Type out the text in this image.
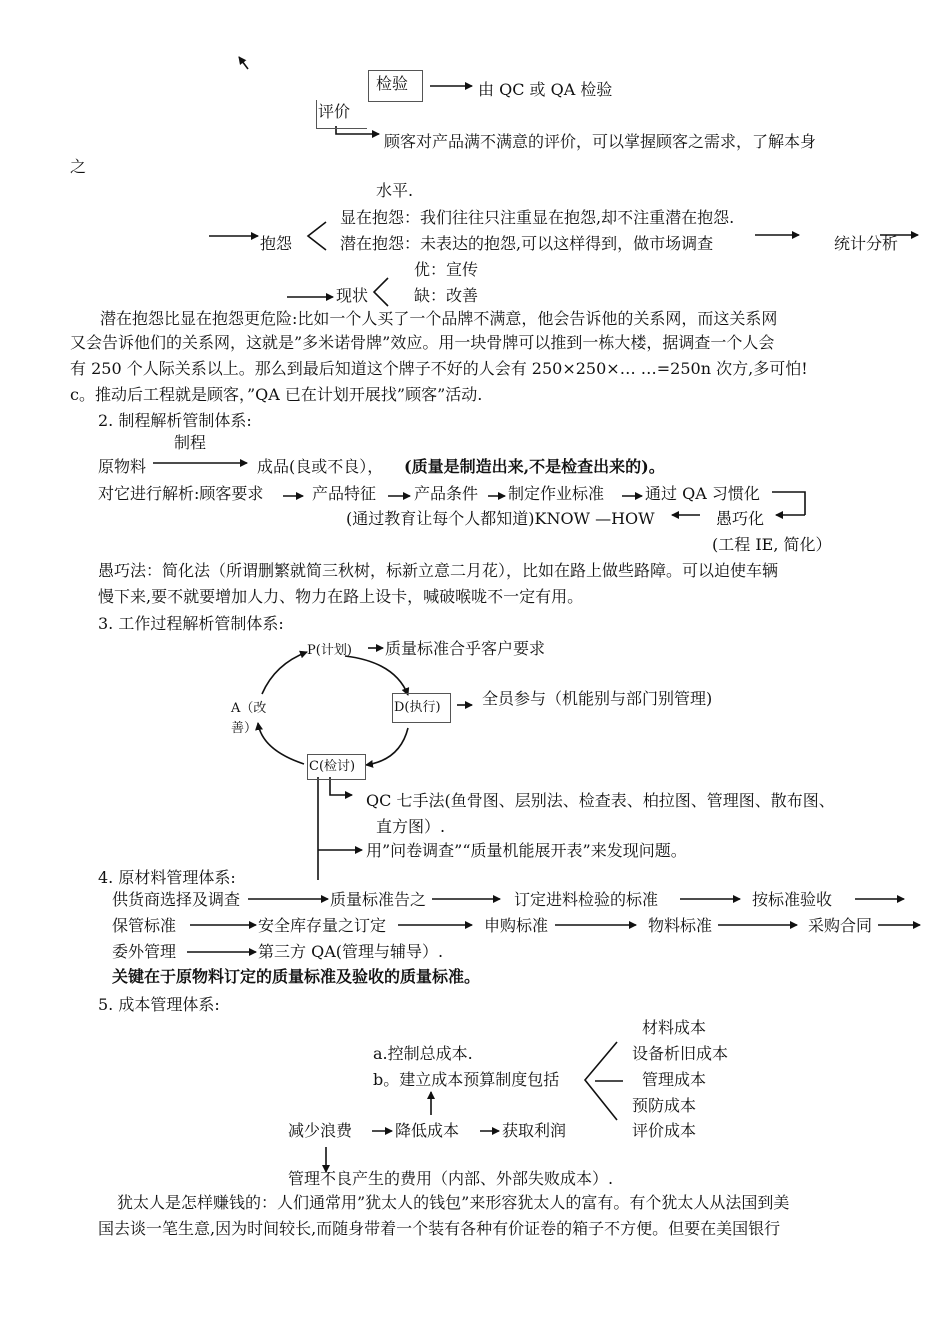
检验	由 QC 或 QA 检验
评价
顾客对产品满不满意的评价，可以掌握顾客之需求，了解本身
之
水平.
显在抱怨：我们往往只注重显在抱怨,却不注重潜在抱怨.
抱怨	潜在抱怨：未表达的抱怨,可以这样得到，做市场调查	统计分析
优：宣传
现状	缺：改善
潜在抱怨比显在抱怨更危险:比如一个人买了一个品牌不满意，他会告诉他的关系网，而这关系网
又会告诉他们的关系网，这就是”多米诺骨牌”效应。用一块骨牌可以推到一栋大楼，据调查一个人会
有 250 个人际关系以上。那么到最后知道这个牌子不好的人会有 250×250×… …=250n 次方,多可怕!
c。推动后工程就是顾客，”QA 已在计划开展找”顾客”活动.
2. 制程解析管制体系:
制程
原物料	成品(良或不良）， (质量是制造出来,不是检查出来的)。
对它进行解析:顾客要求	产品特征 产品条件 制定作业标准	通过 QA 习惯化
(通过教育让每个人都知道)KNOW —HOW	愚巧化
(工程 IE, 简化）
愚巧法：简化法（所谓删繁就简三秋树，标新立意二月花），比如在路上做些路障。可以迫使车辆
慢下来,要不就要增加人力、物力在路上设卡，喊破喉咙不一定有用。
3. 工作过程解析管制体系:
P(计划) 质量标准合乎客户要求
D(执行)	全员参与（机能别与部门别管理)
A（改
善）
C(检讨)
QC 七手法(鱼骨图、层别法、检查表、柏拉图、管理图、散布图、
直方图）.
用”问卷调查”“质量机能展开表”来发现问题。
4. 原材料管理体系:
供货商选择及调查	质量标准告之	订定进料检验的标准	按标准验收
保管标准	安全库存量之订定	申购标准	物料标准	采购合同
委外管理	第三方 QA(管理与辅导）.
关键在于原物料订定的质量标准及验收的质量标准。
5. 成本管理体系:
材料成本
a.控制总成本.	设备析旧成本
b。建立成本预算制度包括	管理成本
预防成本
减少浪费	降低成本	获取利润	评价成本
管理不良产生的费用（内部、外部失败成本）.
犹太人是怎样赚钱的：人们通常用”犹太人的钱包”来形容犹太人的富有。有个犹太人从法国到美
国去谈一笔生意,因为时间较长,而随身带着一个装有各种有价证卷的箱子不方便。但要在美国银行
